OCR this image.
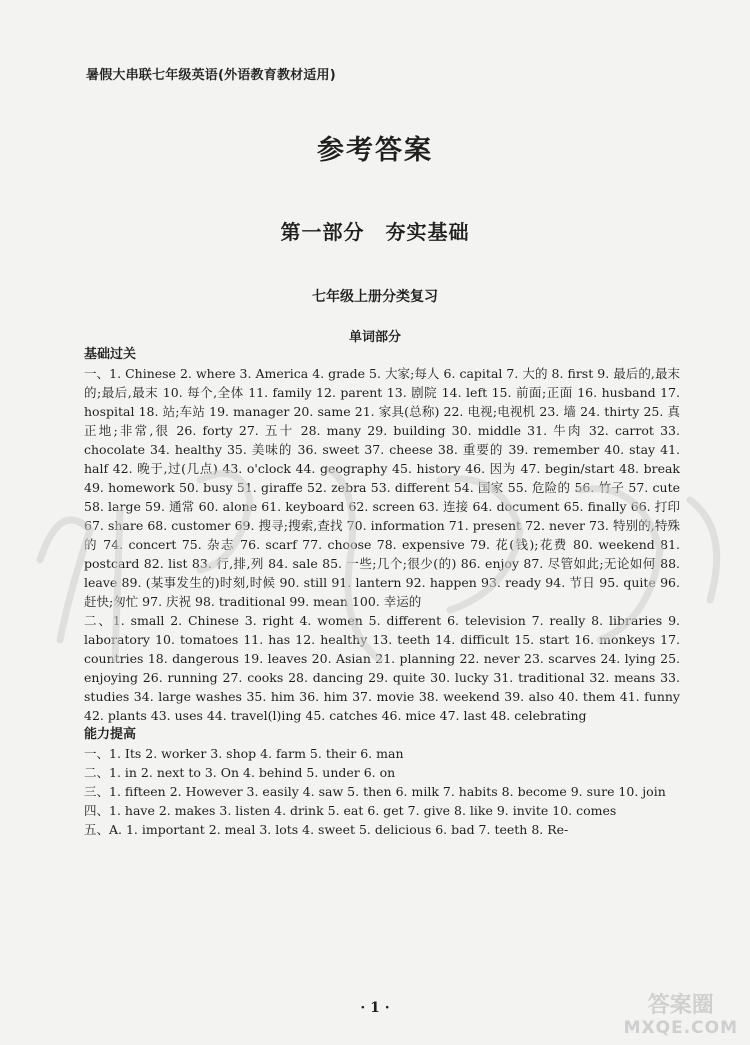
暑假大串联七年级英语(外语教育教材适用)
参考答案
第一部分　夯实基础
七年级上册分类复习
单词部分
基础过关

一、1. Chinese 2. where 3. America 4. grade 5. 大家;每人 6. capital 7. 大的 8. first 9. 最后的,最末的;最后,最末 10. 每个,全体 11. family 12. parent 13. 剧院 14. left 15. 前面;正面 16. husband 17. hospital 18. 站;车站 19. manager 20. same 21. 家具(总称) 22. 电视;电视机 23. 墙 24. thirty 25. 真正地;非常,很 26. forty 27. 五十 28. many 29. building 30. middle 31. 牛肉 32. carrot 33. chocolate 34. healthy 35. 美味的 36. sweet 37. cheese 38. 重要的 39. remember 40. stay 41. half 42. 晚于,过(几点) 43. o'clock 44. geography 45. history 46. 因为 47. begin/start 48. break 49. homework 50. busy 51. giraffe 52. zebra 53. different 54. 国家 55. 危险的 56. 竹子 57. cute 58. large 59. 通常 60. alone 61. keyboard 62. screen 63. 连接 64. document 65. finally 66. 打印 67. share 68. customer 69. 搜寻;搜索,查找 70. information 71. present 72. never 73. 特别的,特殊的 74. concert 75. 杂志 76. scarf 77. choose 78. expensive 79. 花(钱);花费 80. weekend 81. postcard 82. list 83. 行,排,列 84. sale 85. 一些;几个;很少(的) 86. enjoy 87. 尽管如此;无论如何 88. leave 89. (某事发生的)时刻,时候 90. still 91. lantern 92. happen 93. ready 94. 节日 95. quite 96. 赶快;匆忙 97. 庆祝 98. traditional 99. mean 100. 幸运的

二、1. small 2. Chinese 3. right 4. women 5. different 6. television 7. really 8. libraries 9. laboratory 10. tomatoes 11. has 12. healthy 13. teeth 14. difficult 15. start 16. monkeys 17. countries 18. dangerous 19. leaves 20. Asian 21. planning 22. never 23. scarves 24. lying 25. enjoying 26. running 27. cooks 28. dancing 29. quite 30. lucky 31. traditional 32. means 33. studies 34. large washes 35. him 36. him 37. movie 38. weekend 39. also 40. them 41. funny 42. plants 43. uses 44. travel(l)ing 45. catches 46. mice 47. last 48. celebrating

能力提高

一、1. Its 2. worker 3. shop 4. farm 5. their 6. man

二、1. in 2. next to 3. On 4. behind 5. under 6. on

三、1. fifteen 2. However 3. easily 4. saw 5. then 6. milk 7. habits 8. become 9. sure 10. join

四、1. have 2. makes 3. listen 4. drink 5. eat 6. get 7. give 8. like 9. invite 10. comes

五、A. 1. important 2. meal 3. lots 4. sweet 5. delicious 6. bad 7. teeth 8. Re-

· 1 ·	答案圈
MXQE.COM
